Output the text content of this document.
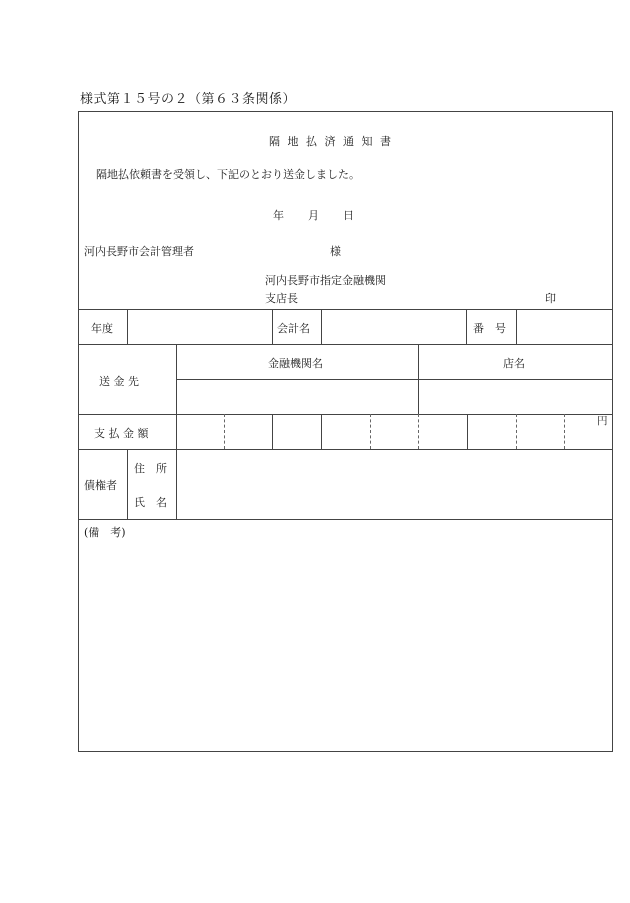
様式第１５号の２（第６３条関係）
隔 地 払 済 通 知 書
隔地払依頼書を受領し、下記のとおり送金しました。
年 月 日
河内長野市会計管理者	様
河内長野市指定金融機関
支店長	印
年度	会計名	番　号
送 金 先
金融機関名	店名
支 払 金 額
円
債権者
住　所
氏　名
(備　考)
